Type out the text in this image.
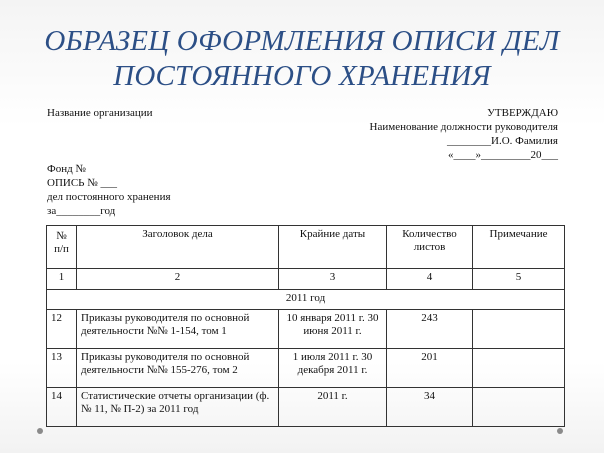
ОБРАЗЕЦ ОФОРМЛЕНИЯ ОПИСИ ДЕЛ
ПОСТОЯННОГО ХРАНЕНИЯ
Название организации	УТВЕРЖДАЮ
Наименование должности руководителя
________И.О. Фамилия
«____»_________20___
Фонд №
ОПИСЬ № ___
дел постоянного хранения
за________год
№ п/п	Заголовок дела	Крайние даты	Количество листов	Примечание
1	2	3	4	5
2011 год				
12	Приказы руководителя по основной деятельности №№ 1-154, том 1	10 января 2011 г. 30 июня 2011 г.	243	
13	Приказы руководителя по основной деятельности №№ 155-276, том 2	1 июля 2011 г. 30 декабря 2011 г.	201	
14	Статистические отчеты организации (ф.№ 11, № П-2) за 2011 год	2011 г.	34	
